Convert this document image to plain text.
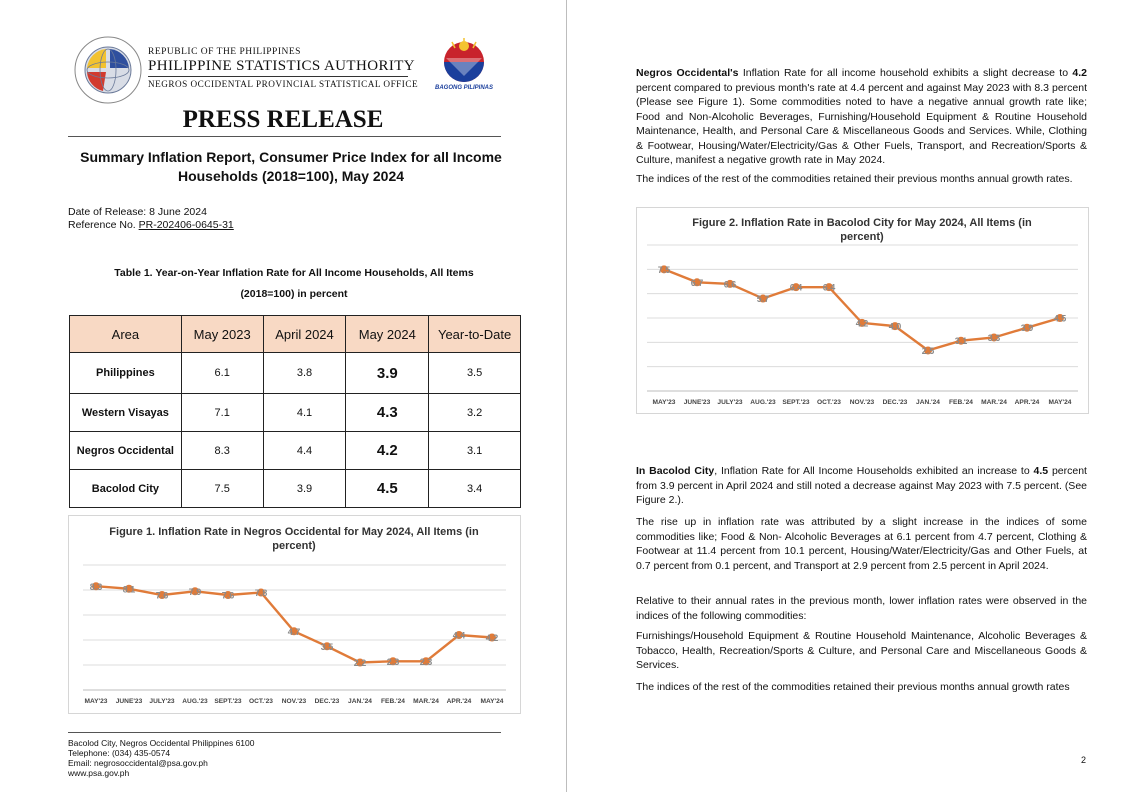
REPUBLIC OF THE PHILIPPINES
PHILIPPINE STATISTICS AUTHORITY
NEGROS OCCIDENTAL PROVINCIAL STATISTICAL OFFICE	BAGONG PILIPINAS
PRESS RELEASE
Summary Inflation Report, Consumer Price Index for all Income Households (2018=100), May 2024
Date of Release: 8 June 2024
Reference No. PR-202406-0645-31
Table 1. Year-on-Year Inflation Rate for All Income Households, All Items
(2018=100) in percent
Area	May 2023	April 2024	May 2024	Year-to-Date
Philippines	6.1	3.8	3.9	3.5
Western Visayas	7.1	4.1	4.3	3.2
Negros Occidental	8.3	4.4	4.2	3.1
Bacolod City	7.5	3.9	4.5	3.4
Figure 1. Inflation Rate in Negros Occidental for May 2024, All Items (in percent)
8.3
MAY'23
8.1
JUNE'23
7.6
JULY'23
7.9
AUG.'23
7.6
SEPT.'23
7.8
OCT.'23
4.7
NOV.'23
3.5
DEC.'23
2.2
JAN.'24
2.3
FEB.'24
2.3
MAR.'24
4.4
APR.'24
4.2
MAY'24
Bacolod City, Negros Occidental Philippines 6100
Telephone: (034) 435-0574
Email: negrosoccidental@psa.gov.ph
www.psa.gov.ph
Negros Occidental's Inflation Rate for all income household exhibits a slight decrease to 4.2 percent compared to previous month's rate at 4.4 percent and against May 2023 with 8.3 percent (Please see Figure 1). Some commodities noted to have a negative annual growth rate like; Food and Non-Alcoholic Beverages, Furnishing/Household Equipment & Routine Household Maintenance, Health, and Personal Care & Miscellaneous Goods and Services. While, Clothing & Footwear, Housing/Water/Electricity/Gas & Other Fuels, Transport, and Recreation/Sports & Culture, manifest a negative growth rate in May 2024.
The indices of the rest of the commodities retained their previous months annual growth rates.
Figure 2. Inflation Rate in Bacolod City for May 2024, All Items (in percent)
7.5
MAY'23
6.7
JUNE'23
6.6
JULY'23
5.7
AUG.'23
6.4
SEPT.'23
6.4
OCT.'23
4.2
NOV.'23
4.0
DEC.'23
2.5
JAN.'24
3.1
FEB.'24
3.3
MAR.'24
3.9
APR.'24
4.5
MAY'24
In Bacolod City, Inflation Rate for All Income Households exhibited an increase to 4.5 percent from 3.9 percent in April 2024 and still noted a decrease against May 2023 with 7.5 percent. (See Figure 2.).
The rise up in inflation rate was attributed by a slight increase in the indices of some commodities like; Food & Non- Alcoholic Beverages at 6.1 percent from 4.7 percent, Clothing & Footwear at 11.4 percent from 10.1 percent, Housing/Water/Electricity/Gas and Other Fuels, at 0.7 percent from 0.1 percent, and Transport at 2.9 percent from 2.5 percent in April 2024.
Relative to their annual rates in the previous month, lower inflation rates were observed in the indices of the following commodities:
Furnishings/Household Equipment & Routine Household Maintenance, Alcoholic Beverages & Tobacco, Health, Recreation/Sports & Culture, and Personal Care and Miscellaneous Goods & Services.
The indices of the rest of the commodities retained their previous months annual growth rates
2
